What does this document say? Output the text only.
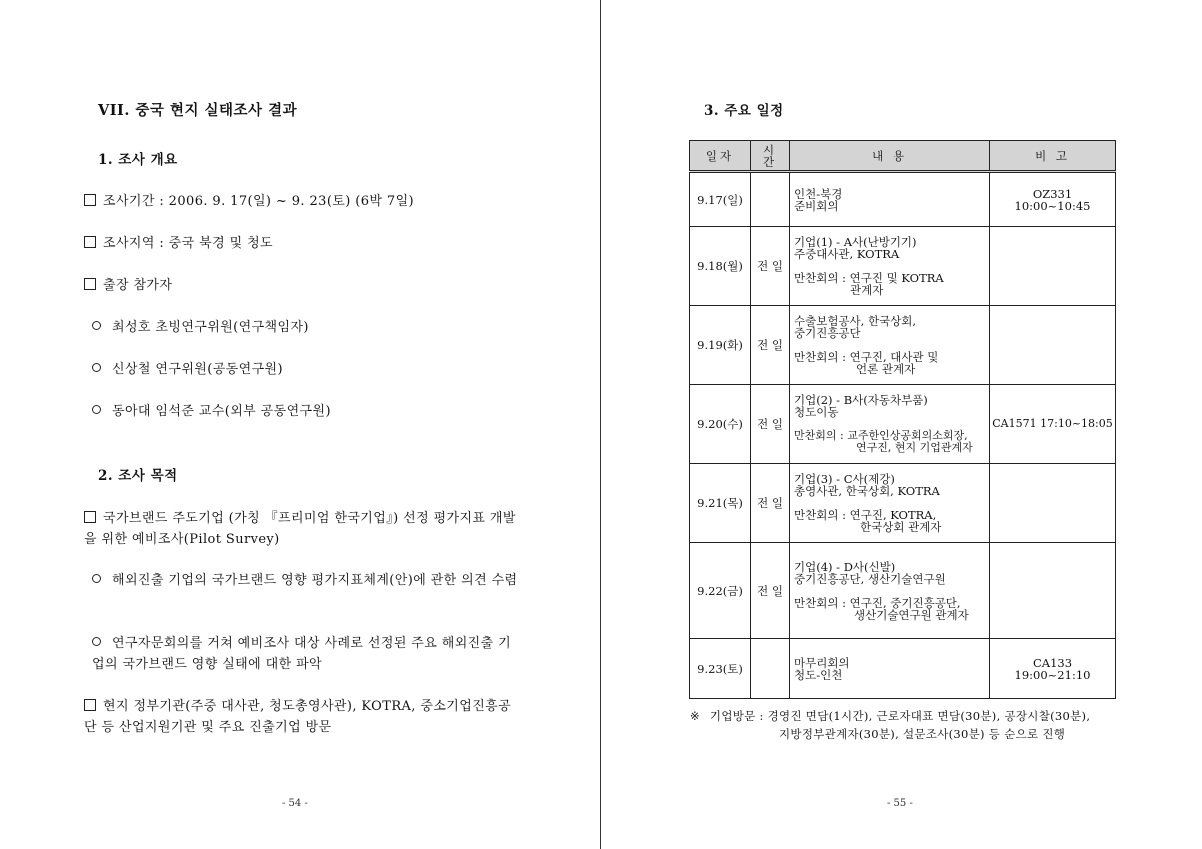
VII. 중국 현지 실태조사 결과
1. 조사 개요
조사기간 : 2006. 9. 17(일) ~ 9. 23(토) (6박 7일)
조사지역 : 중국 북경 및 청도
출장 참가자
최성호 초빙연구위원(연구책임자)
신상철 연구위원(공동연구원)
동아대 임석준 교수(외부 공동연구원)
2. 조사 목적
국가브랜드 주도기업 (가칭 『프리미엄 한국기업』) 선정 평가지표 개발을 위한 예비조사(Pilot Survey)
해외진출 기업의 국가브랜드 영향 평가지표체계(안)에 관한 의견 수렴
연구자문회의를 거쳐 예비조사 대상 사례로 선정된 주요 해외진출 기업의 국가브랜드 영향 실태에 대한 파악
현지 정부기관(주중 대사관, 청도총영사관), KOTRA, 중소기업진흥공단 등 산업지원기관 및 주요 진출기업 방문
- 54 -
3. 주요 일정
일자	시 간	내 용	비 고
9.17(일)		인천-북경
준비회의	OZ331 10:00~10:45
9.18(월)	전 일	기업(1) - A사(난방기기)
주중대사관, KOTRA
만찬회의 : 연구진 및 KOTRA
관계자	

9.19(화)	전 일	수출보험공사, 한국상회,
중기진흥공단
만찬회의 : 연구진, 대사관 및
언론 관계자	

9.20(수)	전 일	기업(2) - B사(자동차부품)
청도이동
만찬회의 : 교주한인상공회의소회장,
연구진, 현지 기업관계자	CA1571 17:10~18:05
9.21(목)	전 일	기업(3) - C사(제강)
총영사관, 한국상회, KOTRA
만찬회의 : 연구진, KOTRA,
한국상회 관계자	

9.22(금)	전 일	기업(4) - D사(신발)
중기진흥공단, 생산기술연구원
만찬회의 : 연구진, 중기진흥공단,
생산기술연구원 관계자	

9.23(토)		마무리회의
청도-인천	CA133 19:00~21:10
※ 기업방문 : 경영진 면담(1시간), 근로자대표 면담(30분), 공장시찰(30분),
지방정부관계자(30분), 설문조사(30분) 등 순으로 진행
- 55 -
